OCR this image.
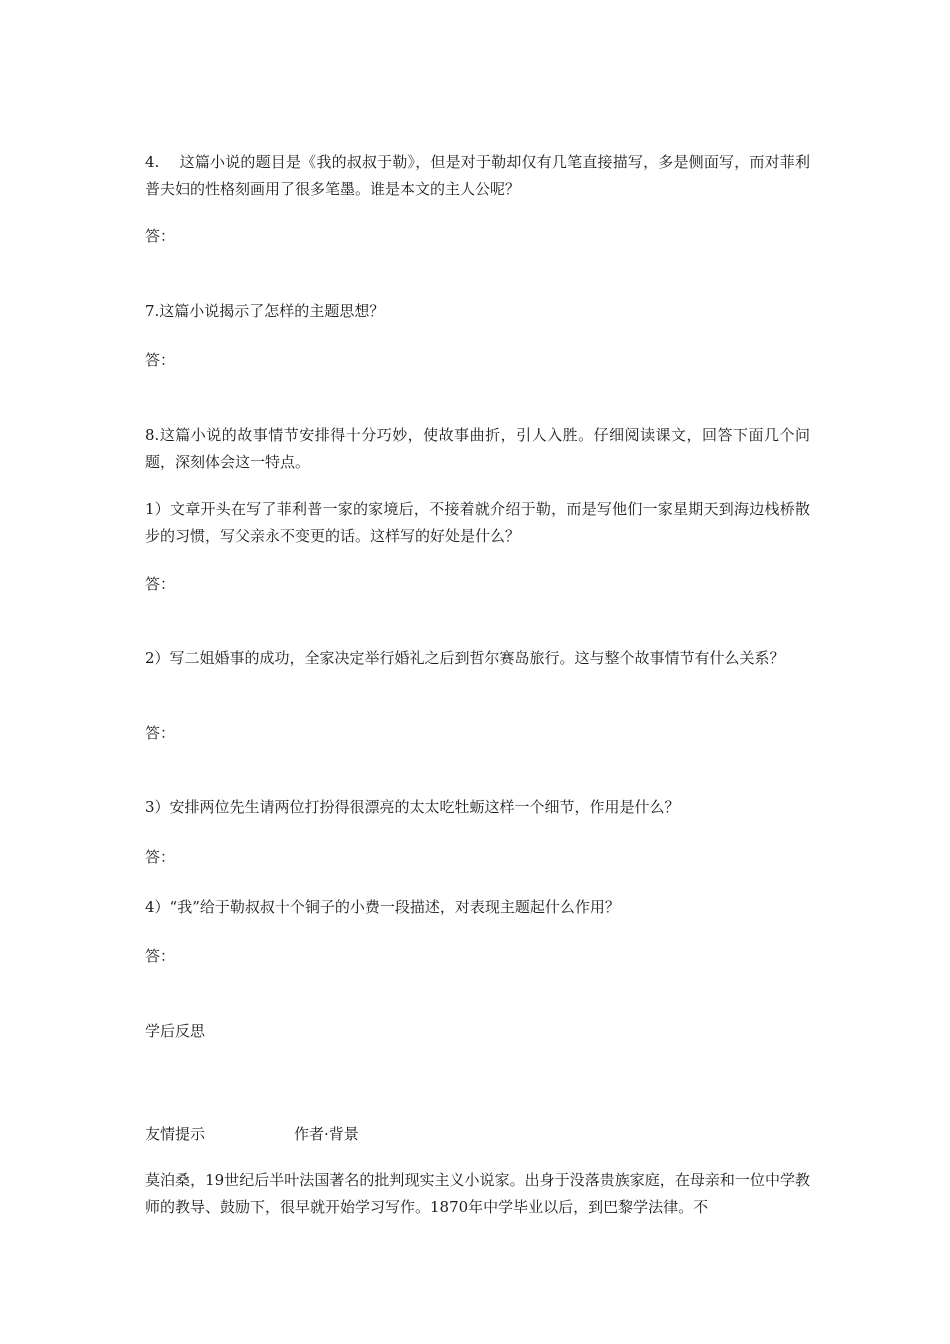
4.　 这篇小说的题目是《我的叔叔于勒》，但是对于勒却仅有几笔直接描写，多是侧面写，而对菲利普夫妇的性格刻画用了很多笔墨。谁是本文的主人公呢？

答：

7.这篇小说揭示了怎样的主题思想？

答：

8.这篇小说的故事情节安排得十分巧妙，使故事曲折，引人入胜。仔细阅读课文，回答下面几个问题，深刻体会这一特点。

1）文章开头在写了菲利普一家的家境后，不接着就介绍于勒，而是写他们一家星期天到海边栈桥散步的习惯，写父亲永不变更的话。这样写的好处是什么？

答：

2）写二姐婚事的成功，全家决定举行婚礼之后到哲尔赛岛旅行。这与整个故事情节有什么关系？

答：

3）安排两位先生请两位打扮得很漂亮的太太吃牡蛎这样一个细节，作用是什么？

答：

4）“我”给于勒叔叔十个铜子的小费一段描述，对表现主题起什么作用？

答：

学后反思

友情提示	作者·背景

莫泊桑，19世纪后半叶法国著名的批判现实主义小说家。出身于没落贵族家庭，在母亲和一位中学教师的教导、鼓励下，很早就开始学习写作。1870年中学毕业以后，到巴黎学法律。不
